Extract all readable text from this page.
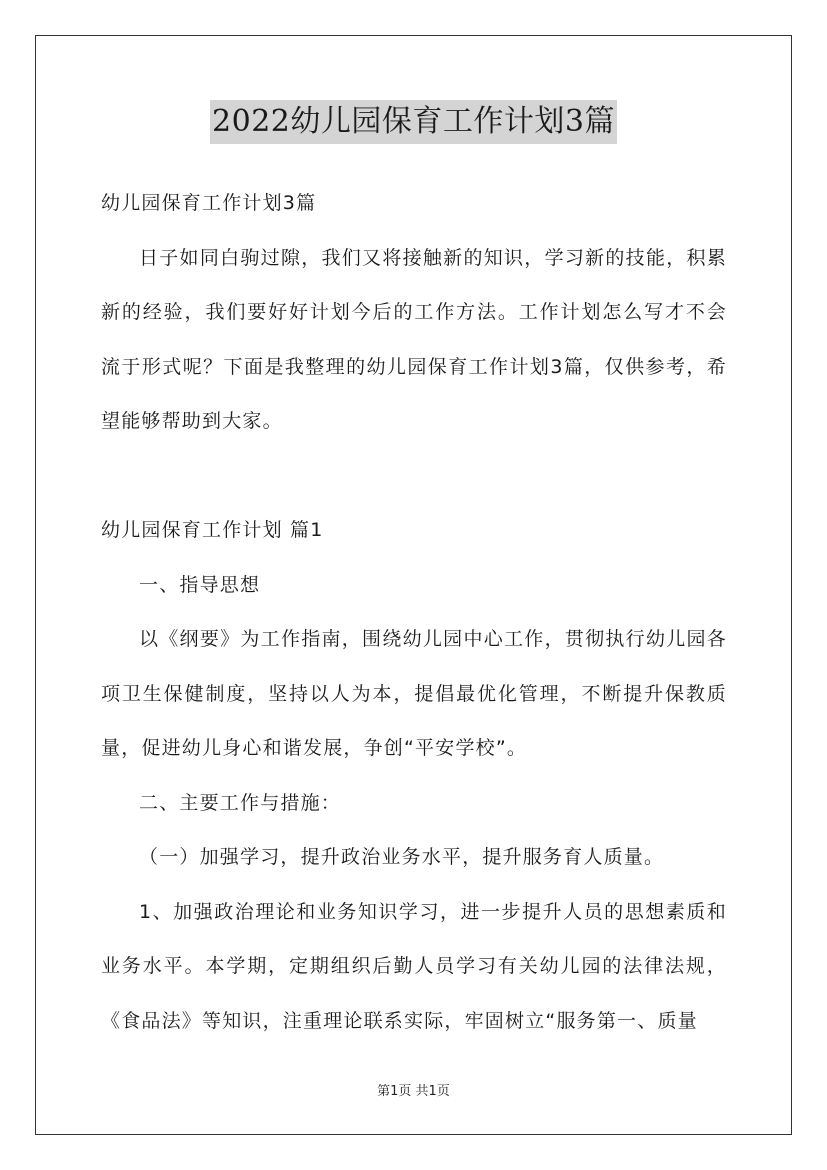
2022幼儿园保育工作计划3篇

幼儿园保育工作计划3篇

日子如同白驹过隙，我们又将接触新的知识，学习新的技能，积累新的经验，我们要好好计划今后的工作方法。工作计划怎么写才不会流于形式呢？下面是我整理的幼儿园保育工作计划3篇，仅供参考，希望能够帮助到大家。

幼儿园保育工作计划 篇1

一、指导思想

以《纲要》为工作指南，围绕幼儿园中心工作，贯彻执行幼儿园各项卫生保健制度，坚持以人为本，提倡最优化管理，不断提升保教质量，促进幼儿身心和谐发展，争创“平安学校”。

二、主要工作与措施：

（一）加强学习，提升政治业务水平，提升服务育人质量。

1、加强政治理论和业务知识学习，进一步提升人员的思想素质和业务水平。本学期，定期组织后勤人员学习有关幼儿园的法律法规，《食品法》等知识，注重理论联系实际，牢固树立“服务第一、质量

第1页 共1页
